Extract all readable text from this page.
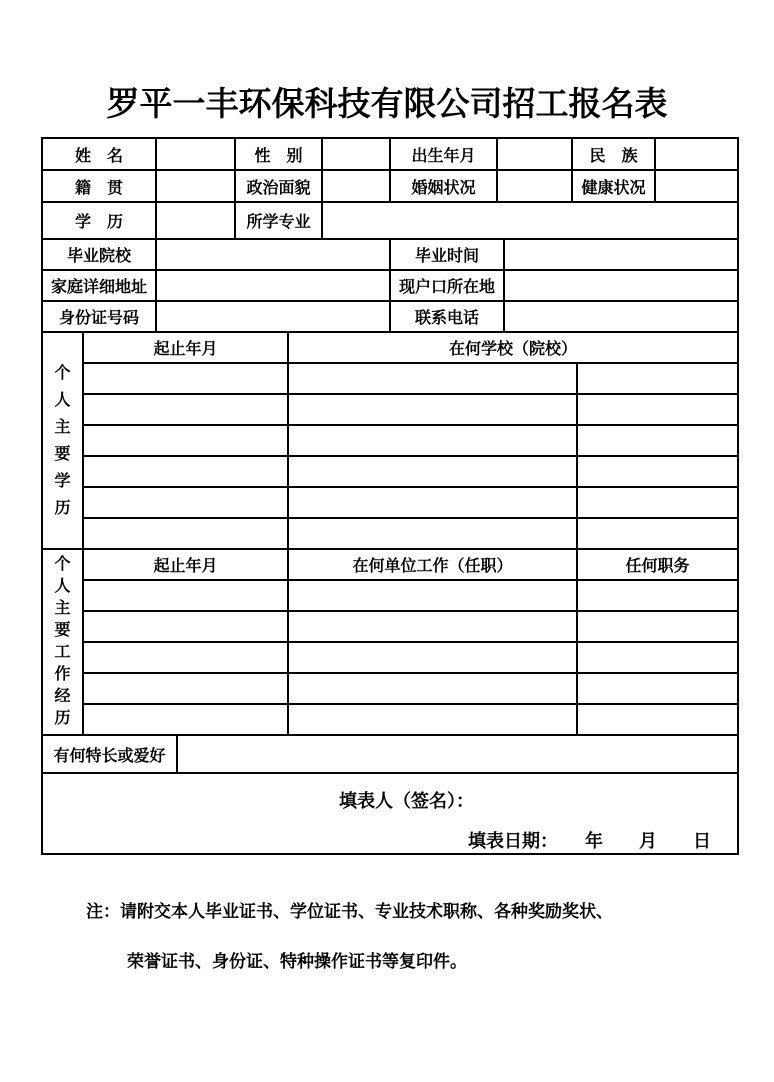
罗平一丰环保科技有限公司招工报名表
姓　名		性　别		出生年月		民　族	
籍　贯		政治面貌		婚姻状况		健康状况	
学　历		所学专业	
毕业院校		毕业时间	
家庭详细地址		现户口所在地	
身份证号码		联系电话	
个人主要学历	起止年月	在何学校（院校）	

个人主要工作经历	起止年月	在何单位工作（任职）	任何职务

有何特长或爱好	
填表人（签名）：
填表日期：　　年　　月　　日
注：请附交本人毕业证书、学位证书、专业技术职称、各种奖励奖状、
荣誉证书、身份证、特种操作证书等复印件。
